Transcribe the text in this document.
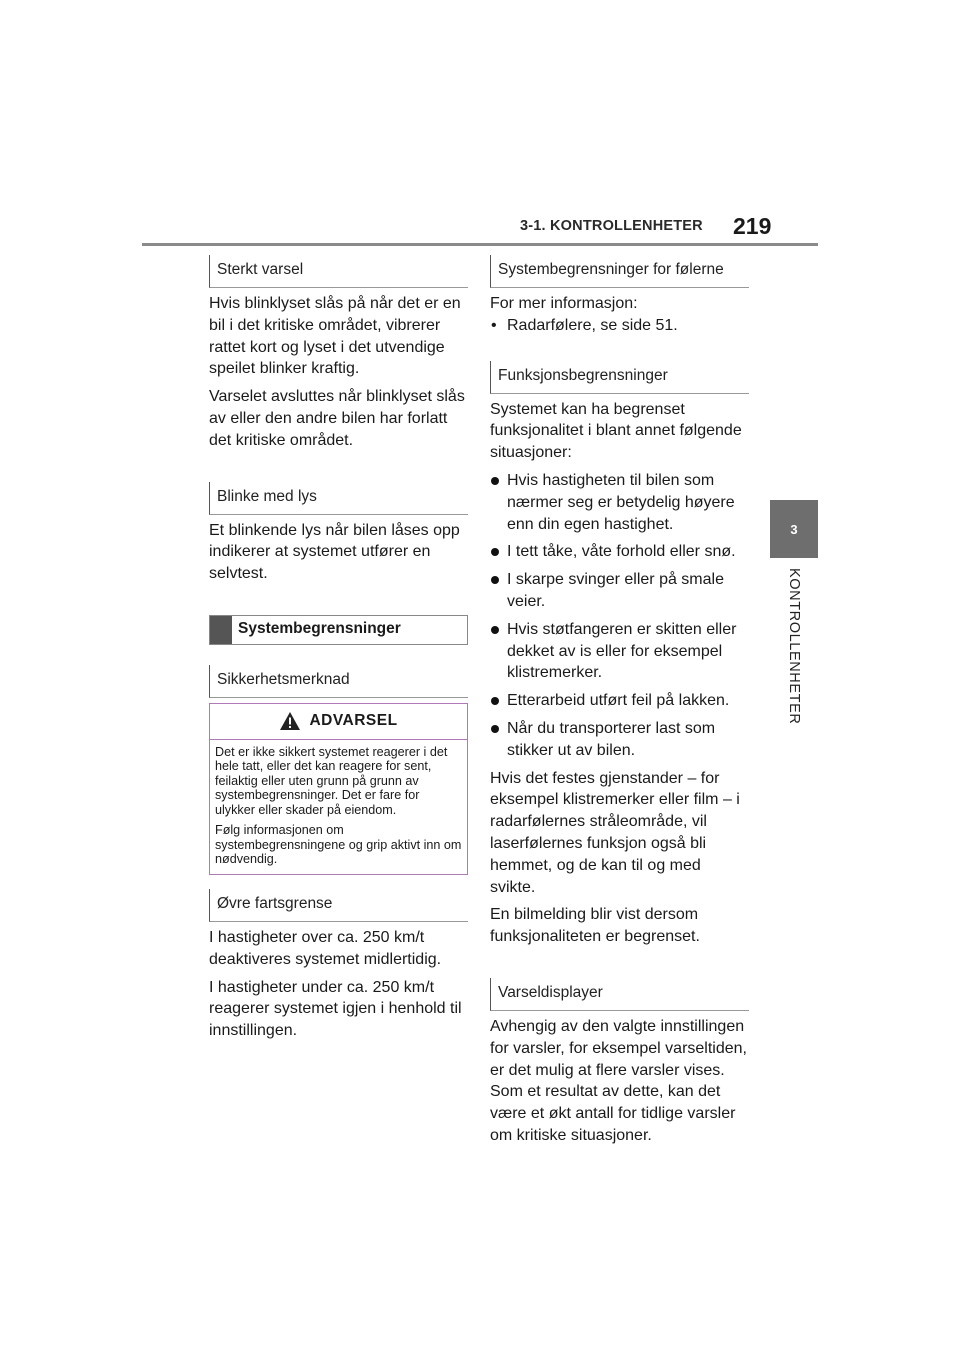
3-1. KONTROLLENHETER 219
3
KONTROLLENHETER
Sterkt varsel

Hvis blinklyset slås på når det er en bil i det kritiske området, vibrerer rattet kort og lyset i det utvendige speilet blinker kraftig.

Varselet avsluttes når blinklyset slås av eller den andre bilen har forlatt det kritiske området.

Blinke med lys

Et blinkende lys når bilen låses opp indikerer at systemet utfører en selvtest.

Systembegrensninger
Sikkerhetsmerknad
ADVARSEL

Det er ikke sikkert systemet reagerer i det hele tatt, eller det kan reagere for sent, feilaktig eller uten grunn på grunn av systembegrensninger. Det er fare for ulykker eller skader på eiendom.

Følg informasjonen om systembegrensningene og grip aktivt inn om nødvendig.

Øvre fartsgrense

I hastigheter over ca. 250 km/t deaktiveres systemet midlertidig.

I hastigheter under ca. 250 km/t reagerer systemet igjen i henhold til innstillingen.

Systembegrensninger for følerne

For mer informasjon:

• Radarfølere, se side 51.
Funksjonsbegrensninger

Systemet kan ha begrenset funksjonalitet i blant annet følgende situasjoner:

Hvis hastigheten til bilen som nærmer seg er betydelig høyere enn din egen hastighet.
I tett tåke, våte forhold eller snø.
I skarpe svinger eller på smale veier.
Hvis støtfangeren er skitten eller dekket av is eller for eksempel klistremerker.
Etterarbeid utført feil på lakken.
Når du transporterer last som stikker ut av bilen.

Hvis det festes gjenstander – for eksempel klistremerker eller film – i radarfølernes stråleområde, vil laserfølernes funksjon også bli hemmet, og de kan til og med svikte.

En bilmelding blir vist dersom funksjonaliteten er begrenset.

Varseldisplayer

Avhengig av den valgte innstillingen for varsler, for eksempel varseltiden, er det mulig at flere varsler vises. Som et resultat av dette, kan det være et økt antall for tidlige varsler om kritiske situasjoner.
